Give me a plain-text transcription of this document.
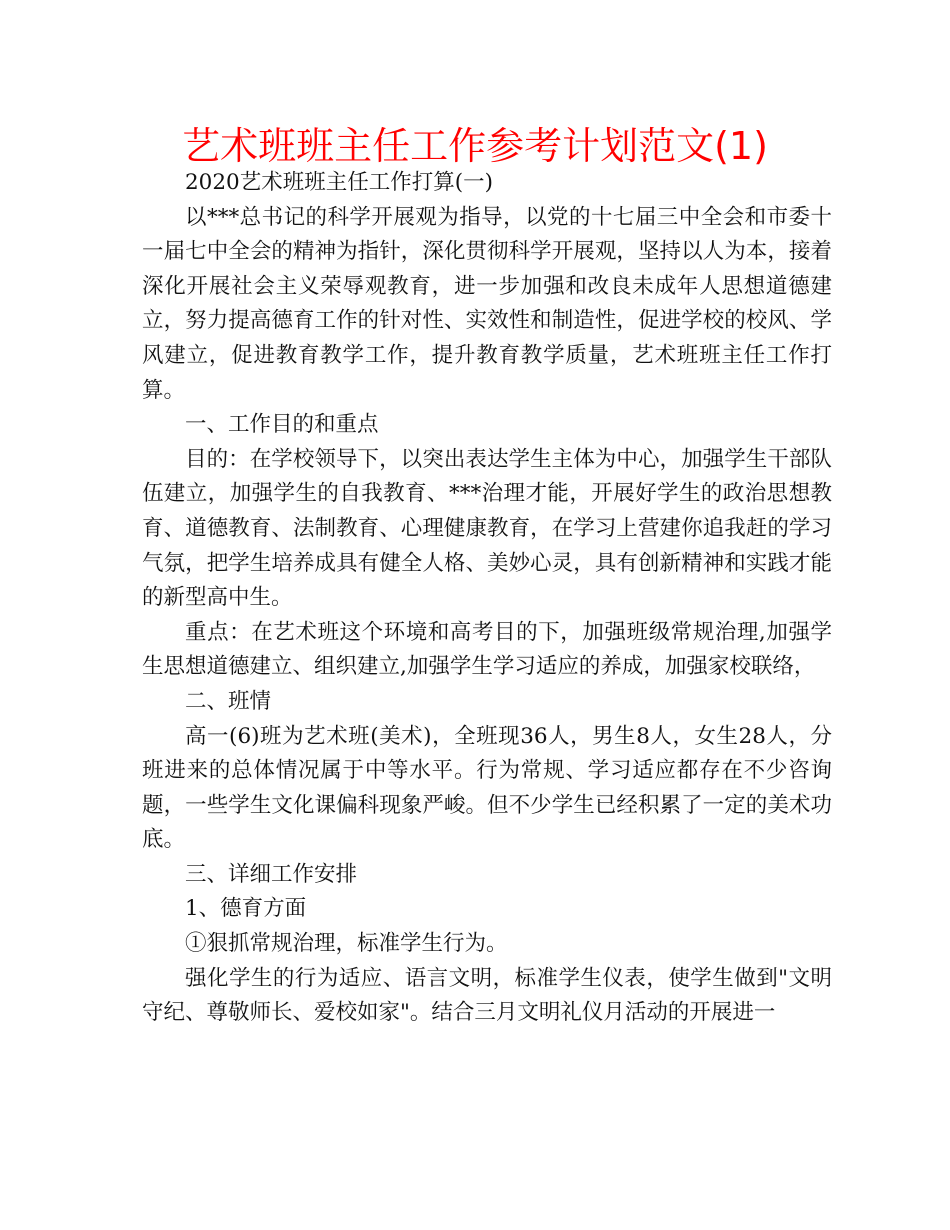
艺术班班主任工作参考计划范文(1)

2020艺术班班主任工作打算(一)

以***总书记的科学开展观为指导，以党的十七届三中全会和市委十一届七中全会的精神为指针，深化贯彻科学开展观，坚持以人为本，接着深化开展社会主义荣辱观教育，进一步加强和改良未成年人思想道德建立，努力提高德育工作的针对性、实效性和制造性，促进学校的校风、学风建立，促进教育教学工作，提升教育教学质量，艺术班班主任工作打算。

一、工作目的和重点

目的：在学校领导下，以突出表达学生主体为中心，加强学生干部队伍建立，加强学生的自我教育、***治理才能，开展好学生的政治思想教育、道德教育、法制教育、心理健康教育，在学习上营建你追我赶的学习气氛，把学生培养成具有健全人格、美妙心灵，具有创新精神和实践才能的新型高中生。

重点：在艺术班这个环境和高考目的下，加强班级常规治理,加强学生思想道德建立、组织建立,加强学生学习适应的养成，加强家校联络，

二、班情

高一(6)班为艺术班(美术)，全班现36人，男生8人，女生28人，分班进来的总体情况属于中等水平。行为常规、学习适应都存在不少咨询题，一些学生文化课偏科现象严峻。但不少学生已经积累了一定的美术功底。

三、详细工作安排

1、德育方面

①狠抓常规治理，标准学生行为。

强化学生的行为适应、语言文明，标准学生仪表，使学生做到"文明守纪、尊敬师长、爱校如家"。结合三月文明礼仪月活动的开展进一
